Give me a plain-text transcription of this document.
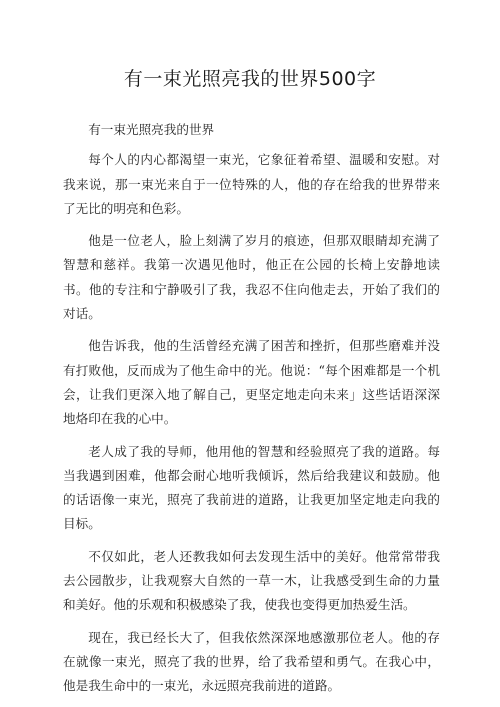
有一束光照亮我的世界500字

有一束光照亮我的世界

每个人的内心都渴望一束光，它象征着希望、温暖和安慰。对我来说，那一束光来自于一位特殊的人，他的存在给我的世界带来了无比的明亮和色彩。

他是一位老人，脸上刻满了岁月的痕迹，但那双眼睛却充满了智慧和慈祥。我第一次遇见他时，他正在公园的长椅上安静地读书。他的专注和宁静吸引了我，我忍不住向他走去，开始了我们的对话。

他告诉我，他的生活曾经充满了困苦和挫折，但那些磨难并没有打败他，反而成为了他生命中的光。他说：“每个困难都是一个机会，让我们更深入地了解自己，更坚定地走向未来」这些话语深深地烙印在我的心中。

老人成了我的导师，他用他的智慧和经验照亮了我的道路。每当我遇到困难，他都会耐心地听我倾诉，然后给我建议和鼓励。他的话语像一束光，照亮了我前进的道路，让我更加坚定地走向我的目标。

不仅如此，老人还教我如何去发现生活中的美好。他常常带我去公园散步，让我观察大自然的一草一木，让我感受到生命的力量和美好。他的乐观和积极感染了我，使我也变得更加热爱生活。

现在，我已经长大了，但我依然深深地感激那位老人。他的存在就像一束光，照亮了我的世界，给了我希望和勇气。在我心中，他是我生命中的一束光，永远照亮我前进的道路。
